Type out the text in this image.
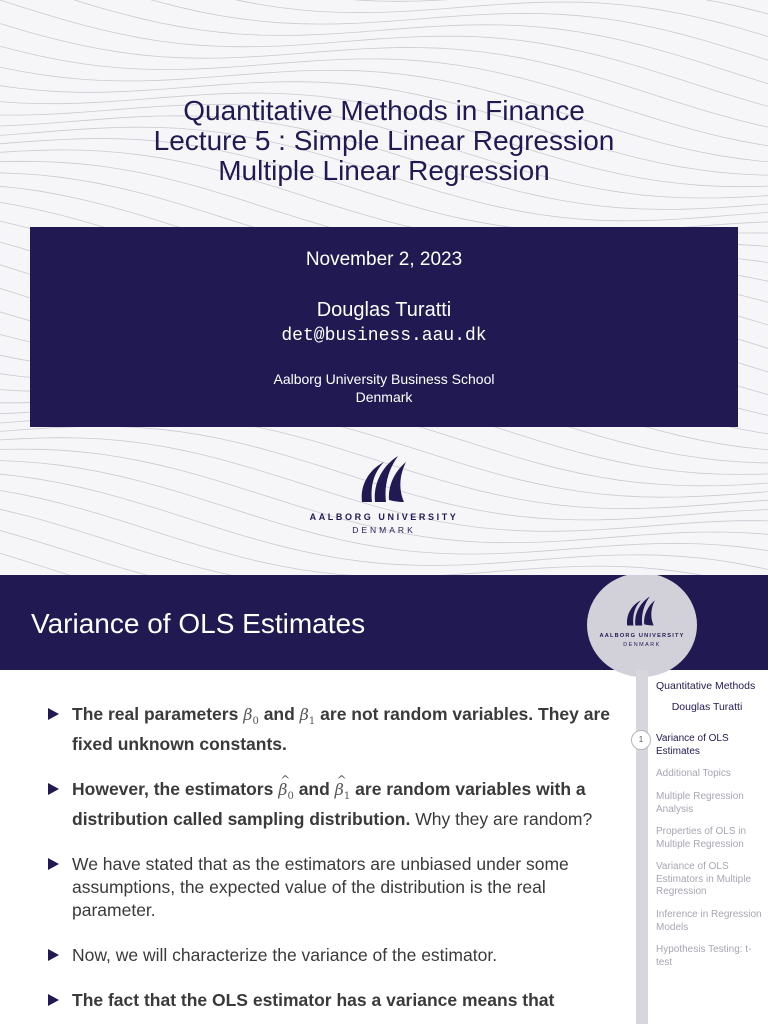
Quantitative Methods in Finance
Lecture 5 : Simple Linear Regression
Multiple Linear Regression
November 2, 2023
Douglas Turatti
det@business.aau.dk
Aalborg University Business School
Denmark
AALBORG UNIVERSITY
DENMARK
Variance of OLS Estimates	AALBORG UNIVERSITY
DENMARK
The real parameters $\beta_0$ and $\beta_1$ are not random variables. They are fixed unknown constants.
However, the estimators ^ $\beta_0$ and ^ $\beta_1$ are random variables with a distribution called sampling distribution. Why they are random?
We have stated that as the estimators are unbiased under some assumptions, the expected value of the distribution is the real parameter.
Now, we will characterize the variance of the estimator.
The fact that the OLS estimator has a variance means that
Quantitative Methods
Douglas Turatti
1	Variance of OLS Estimates
Additional Topics
Multiple Regression Analysis
Properties of OLS in Multiple Regression
Variance of OLS Estimators in Multiple Regression
Inference in Regression Models
Hypothesis Testing: t-test
